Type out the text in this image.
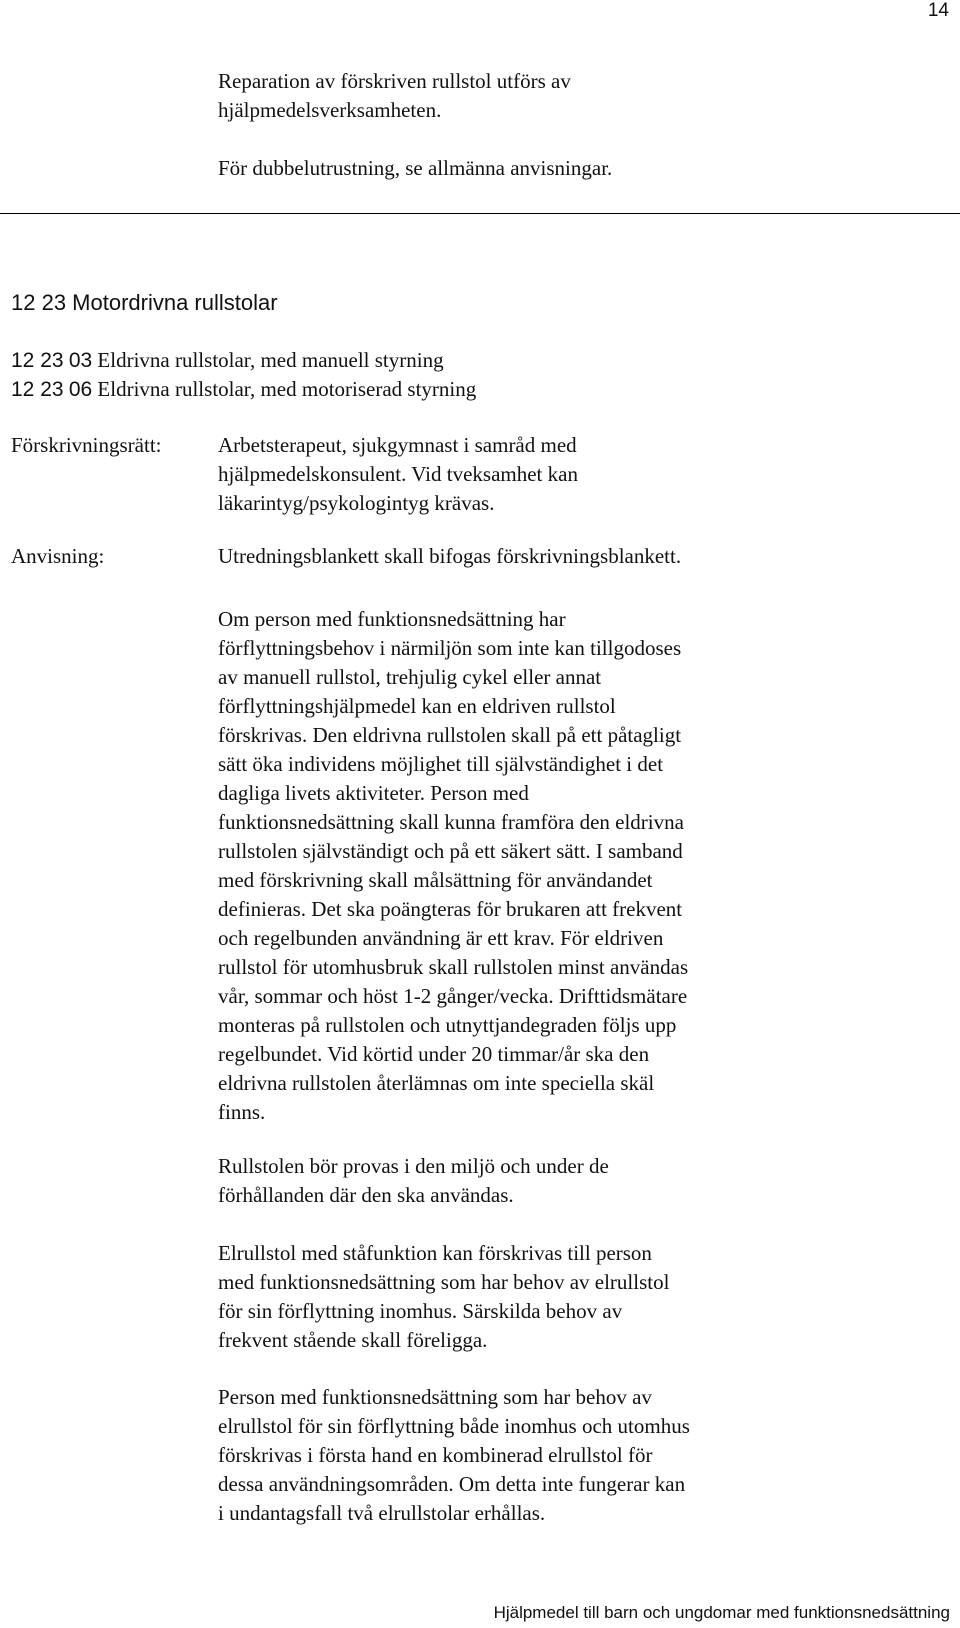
14
Reparation av förskriven rullstol utförs av
hjälpmedelsverksamheten.
För dubbelutrustning, se allmänna anvisningar.
12 23 Motordrivna rullstolar
12 23 03 Eldrivna rullstolar, med manuell styrning
12 23 06 Eldrivna rullstolar, med motoriserad styrning
Förskrivningsrätt:	Arbetsterapeut, sjukgymnast i samråd med
hjälpmedelskonsulent. Vid tveksamhet kan
läkarintyg/psykologintyg krävas.
Anvisning:	Utredningsblankett skall bifogas förskrivningsblankett.
Om person med funktionsnedsättning har
förflyttningsbehov i närmiljön som inte kan tillgodoses
av manuell rullstol, trehjulig cykel eller annat
förflyttningshjälpmedel kan en eldriven rullstol
förskrivas. Den eldrivna rullstolen skall på ett påtagligt
sätt öka individens möjlighet till självständighet i det
dagliga livets aktiviteter. Person med
funktionsnedsättning skall kunna framföra den eldrivna
rullstolen självständigt och på ett säkert sätt. I samband
med förskrivning skall målsättning för användandet
definieras. Det ska poängteras för brukaren att frekvent
och regelbunden användning är ett krav. För eldriven
rullstol för utomhusbruk skall rullstolen minst användas
vår, sommar och höst 1-2 gånger/vecka. Drifttidsmätare
monteras på rullstolen och utnyttjandegraden följs upp
regelbundet. Vid körtid under 20 timmar/år ska den
eldrivna rullstolen återlämnas om inte speciella skäl
finns.
Rullstolen bör provas i den miljö och under de
förhållanden där den ska användas.
Elrullstol med ståfunktion kan förskrivas till person
med funktionsnedsättning som har behov av elrullstol
för sin förflyttning inomhus. Särskilda behov av
frekvent stående skall föreligga.
Person med funktionsnedsättning som har behov av
elrullstol för sin förflyttning både inomhus och utomhus
förskrivas i första hand en kombinerad elrullstol för
dessa användningsområden. Om detta inte fungerar kan
i undantagsfall två elrullstolar erhållas.
Hjälpmedel till barn och ungdomar med funktionsnedsättning
